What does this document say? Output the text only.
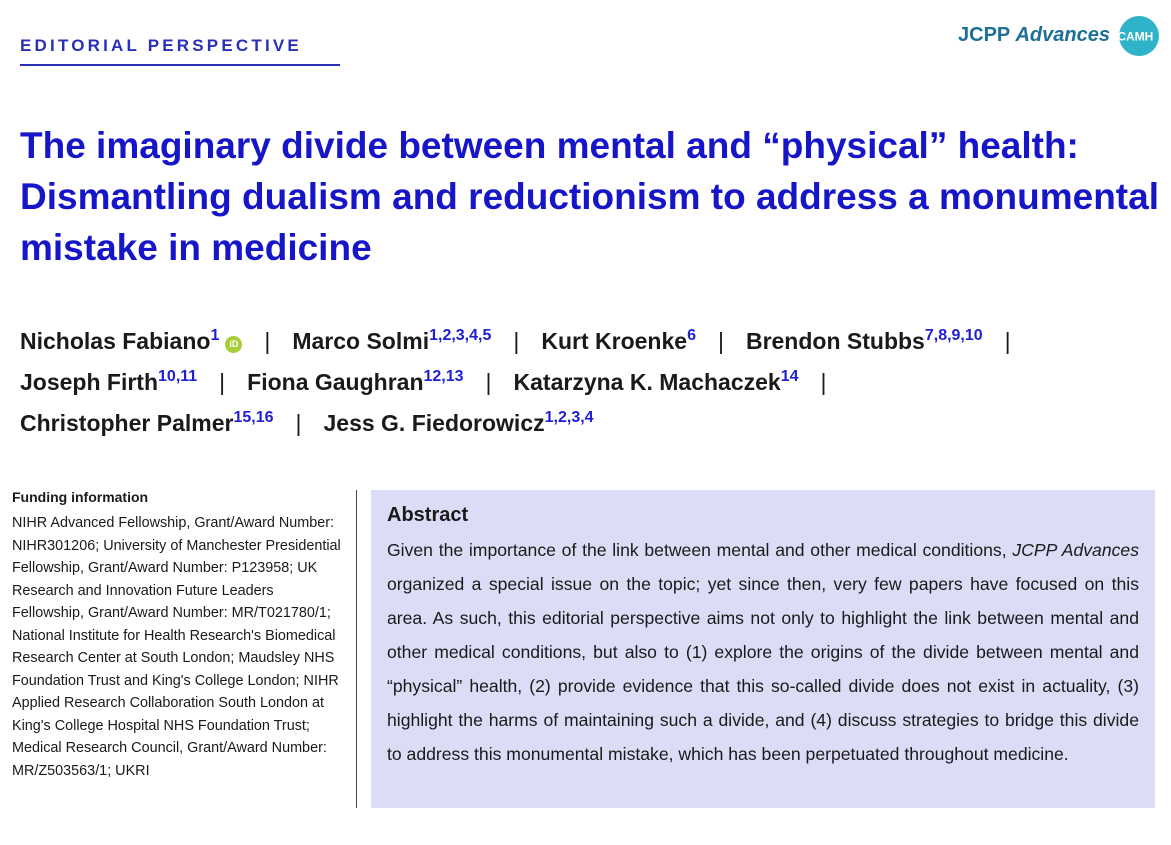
EDITORIAL PERSPECTIVE	JCPP Advances
ACAMH
The imaginary divide between mental and “physical” health: Dismantling dualism and reductionism to address a monumental mistake in medicine
Nicholas Fabiano$^1$ iD | Marco Solmi$^{1,2,3,4,5}$ | Kurt Kroenke$^6$ | Brendon Stubbs$^{7,8,9,10}$ |
Joseph Firth$^{10,11}$ | Fiona Gaughran$^{12,13}$ | Katarzyna K. Machaczek$^{14}$ |
Christopher Palmer$^{15,16}$ | Jess G. Fiedorowicz$^{1,2,3,4}$
Funding information

NIHR Advanced Fellowship, Grant/Award Number: NIHR301206; University of Manchester Presidential Fellowship, Grant/Award Number: P123958; UK Research and Innovation Future Leaders Fellowship, Grant/Award Number: MR/T021780/1; National Institute for Health Research's Biomedical Research Center at South London; Maudsley NHS Foundation Trust and King's College London; NIHR Applied Research Collaboration South London at King's College Hospital NHS Foundation Trust; Medical Research Council, Grant/Award Number: MR/Z503563/1; UKRI

Abstract

Given the importance of the link between mental and other medical conditions, JCPP Advances organized a special issue on the topic; yet since then, very few papers have focused on this area. As such, this editorial perspective aims not only to highlight the link between mental and other medical conditions, but also to (1) explore the origins of the divide between mental and “physical” health, (2) provide evidence that this so-called divide does not exist in actuality, (3) highlight the harms of maintaining such a divide, and (4) discuss strategies to bridge this divide to address this monumental mistake, which has been perpetuated throughout medicine.
